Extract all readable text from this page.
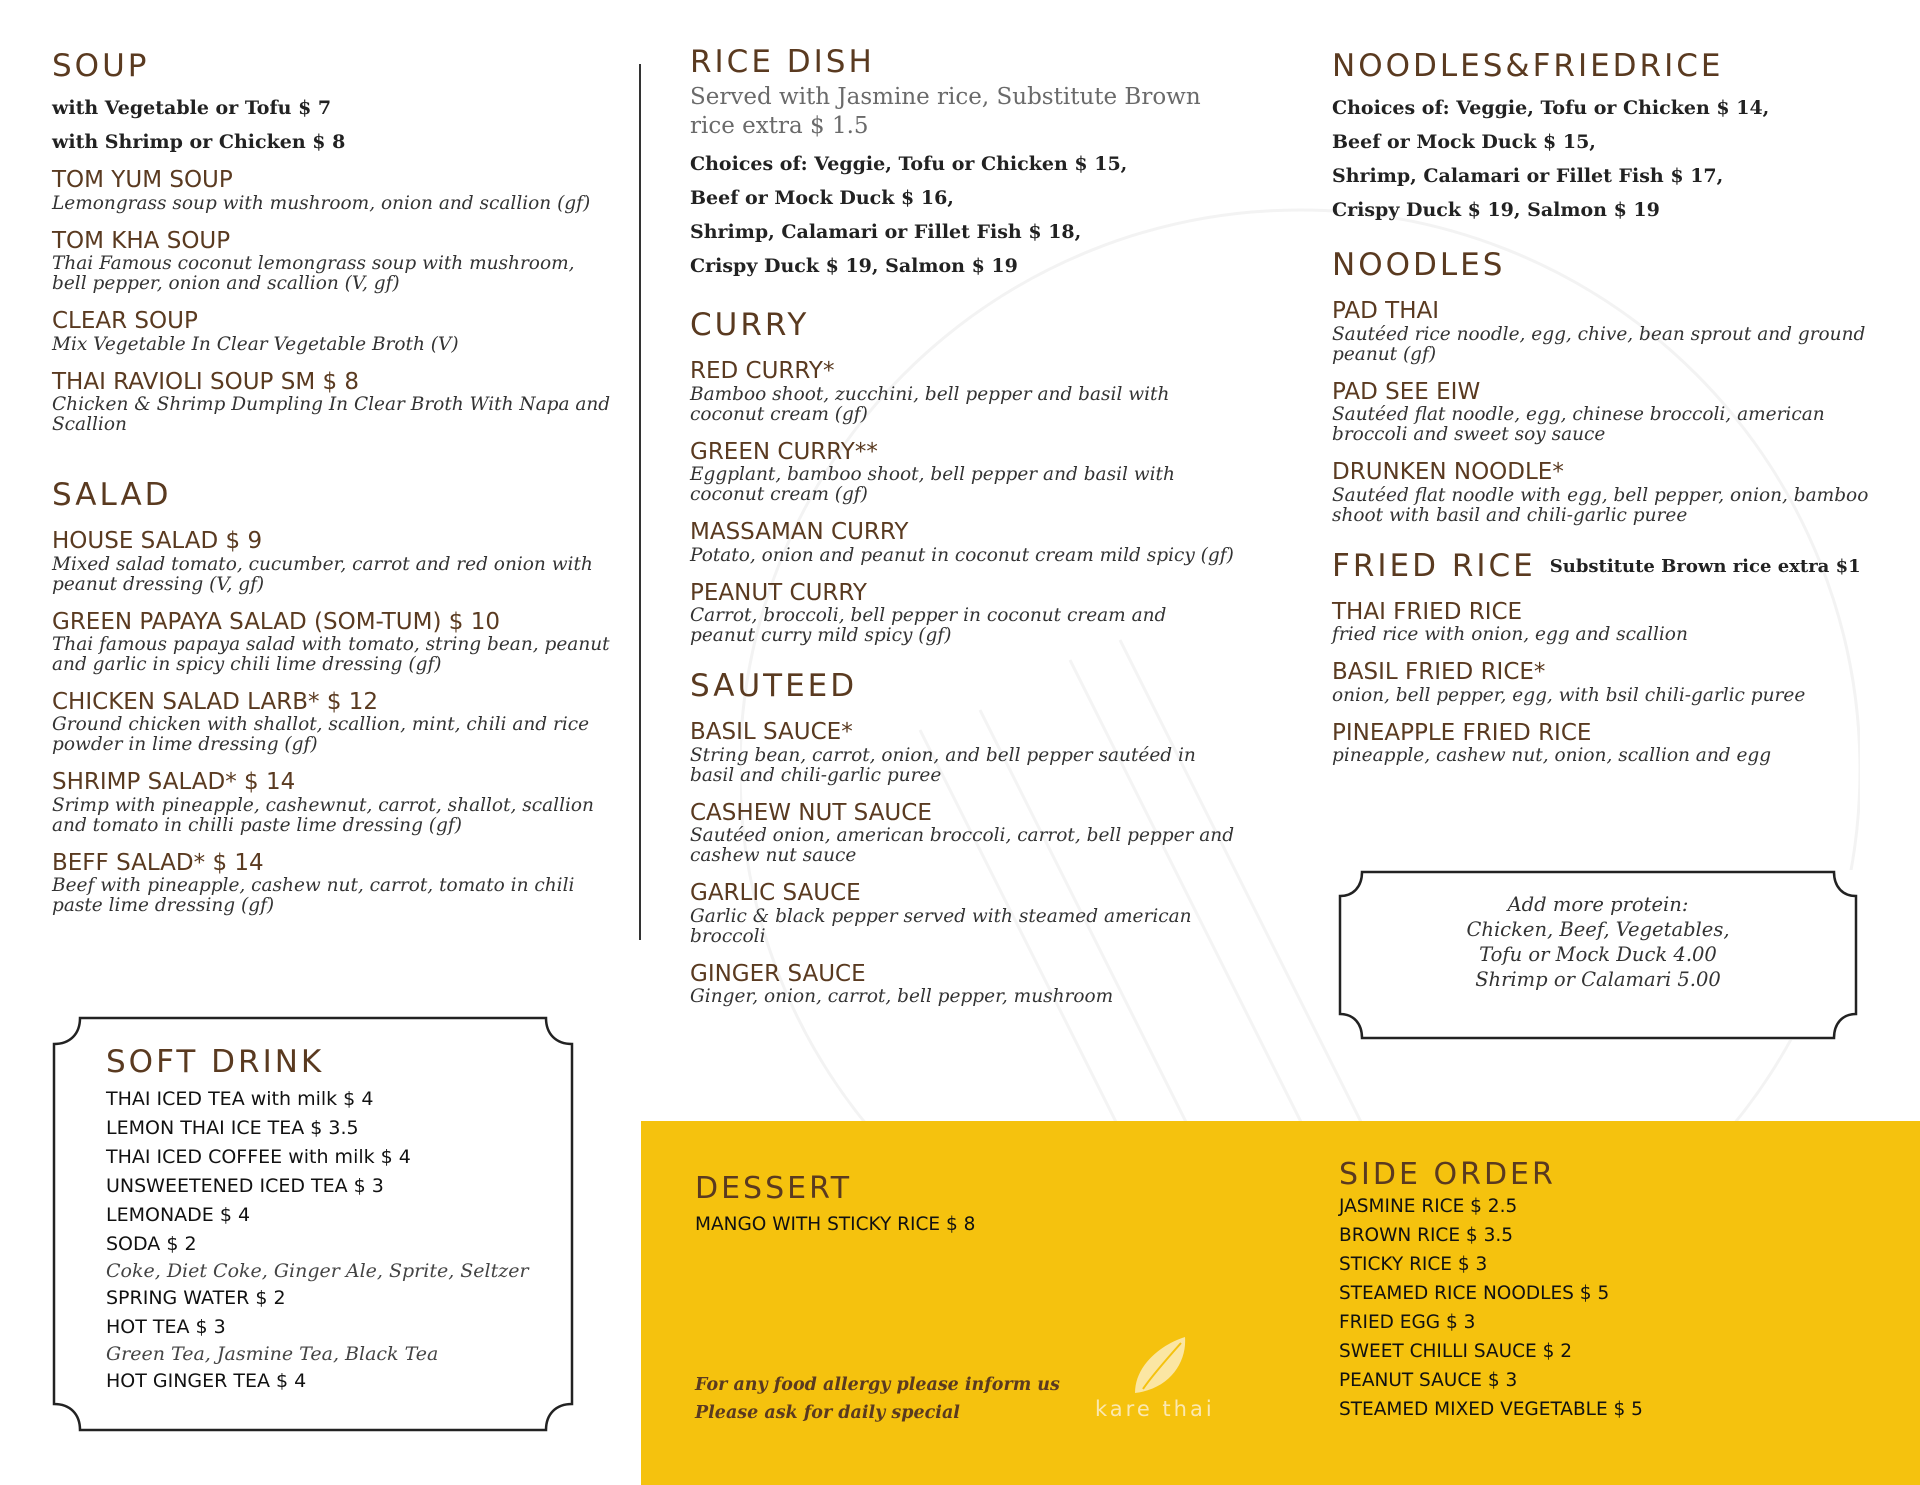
SOUP

with Vegetable or Tofu $ 7

with Shrimp or Chicken $ 8

TOM YUM SOUP

Lemongrass soup with mushroom, onion and scallion (gf)

TOM KHA SOUP

Thai Famous coconut lemongrass soup with mushroom, bell pepper, onion and scallion (V, gf)

CLEAR SOUP

Mix Vegetable In Clear Vegetable Broth (V)

THAI RAVIOLI SOUP SM $ 8

Chicken & Shrimp Dumpling In Clear Broth With Napa and Scallion

SALAD

HOUSE SALAD $ 9

Mixed salad tomato, cucumber, carrot and red onion with peanut dressing (V, gf)

GREEN PAPAYA SALAD (SOM-TUM) $ 10

Thai famous papaya salad with tomato, string bean, peanut and garlic in spicy chili lime dressing (gf)

CHICKEN SALAD LARB* $ 12

Ground chicken with shallot, scallion, mint, chili and rice powder in lime dressing (gf)

SHRIMP SALAD* $ 14

Srimp with pineapple, cashewnut, carrot, shallot, scallion and tomato in chilli paste lime dressing (gf)

BEFF SALAD* $ 14

Beef with pineapple, cashew nut, carrot, tomato in chili paste lime dressing (gf)

SOFT DRINK

THAI ICED TEA with milk $ 4

LEMON THAI ICE TEA $ 3.5

THAI ICED COFFEE with milk $ 4

UNSWEETENED ICED TEA $ 3

LEMONADE $ 4

SODA $ 2

Coke, Diet Coke, Ginger Ale, Sprite, Seltzer

SPRING WATER $ 2

HOT TEA $ 3

Green Tea, Jasmine Tea, Black Tea

HOT GINGER TEA $ 4

RICE DISH

Served with Jasmine rice, Substitute Brown rice extra $ 1.5

Choices of: Veggie, Tofu or Chicken $ 15,

Beef or Mock Duck $ 16,

Shrimp, Calamari or Fillet Fish $ 18,

Crispy Duck $ 19, Salmon $ 19

CURRY

RED CURRY*

Bamboo shoot, zucchini, bell pepper and basil with coconut cream (gf)

GREEN CURRY**

Eggplant, bamboo shoot, bell pepper and basil with coconut cream (gf)

MASSAMAN CURRY

Potato, onion and peanut in coconut cream mild spicy (gf)

PEANUT CURRY

Carrot, broccoli, bell pepper in coconut cream and peanut curry mild spicy (gf)

SAUTEED

BASIL SAUCE*

String bean, carrot, onion, and bell pepper sautéed in basil and chili-garlic puree

CASHEW NUT SAUCE

Sautéed onion, american broccoli, carrot, bell pepper and cashew nut sauce

GARLIC SAUCE

Garlic & black pepper served with steamed american broccoli

GINGER SAUCE

Ginger, onion, carrot, bell pepper, mushroom

NOODLES&FRIEDRICE

Choices of: Veggie, Tofu or Chicken $ 14,

Beef or Mock Duck $ 15,

Shrimp, Calamari or Fillet Fish $ 17,

Crispy Duck $ 19, Salmon $ 19

NOODLES

PAD THAI

Sautéed rice noodle, egg, chive, bean sprout and ground peanut (gf)

PAD SEE EIW

Sautéed flat noodle, egg, chinese broccoli, american broccoli and sweet soy sauce

DRUNKEN NOODLE*

Sautéed flat noodle with egg, bell pepper, onion, bamboo shoot with basil and chili-garlic puree

FRIED RICE Substitute Brown rice extra $1

THAI FRIED RICE

fried rice with onion, egg and scallion

BASIL FRIED RICE*

onion, bell pepper, egg, with bsil chili-garlic puree

PINEAPPLE FRIED RICE

pineapple, cashew nut, onion, scallion and egg

Add more protein:

Chicken, Beef, Vegetables,

Tofu or Mock Duck 4.00

Shrimp or Calamari 5.00

DESSERT

MANGO WITH STICKY RICE $ 8

For any food allergy please inform us

Please ask for daily special	kare thai
SIDE ORDER

JASMINE RICE $ 2.5

BROWN RICE $ 3.5

STICKY RICE $ 3

STEAMED RICE NOODLES $ 5

FRIED EGG $ 3

SWEET CHILLI SAUCE $ 2

PEANUT SAUCE $ 3

STEAMED MIXED VEGETABLE $ 5
